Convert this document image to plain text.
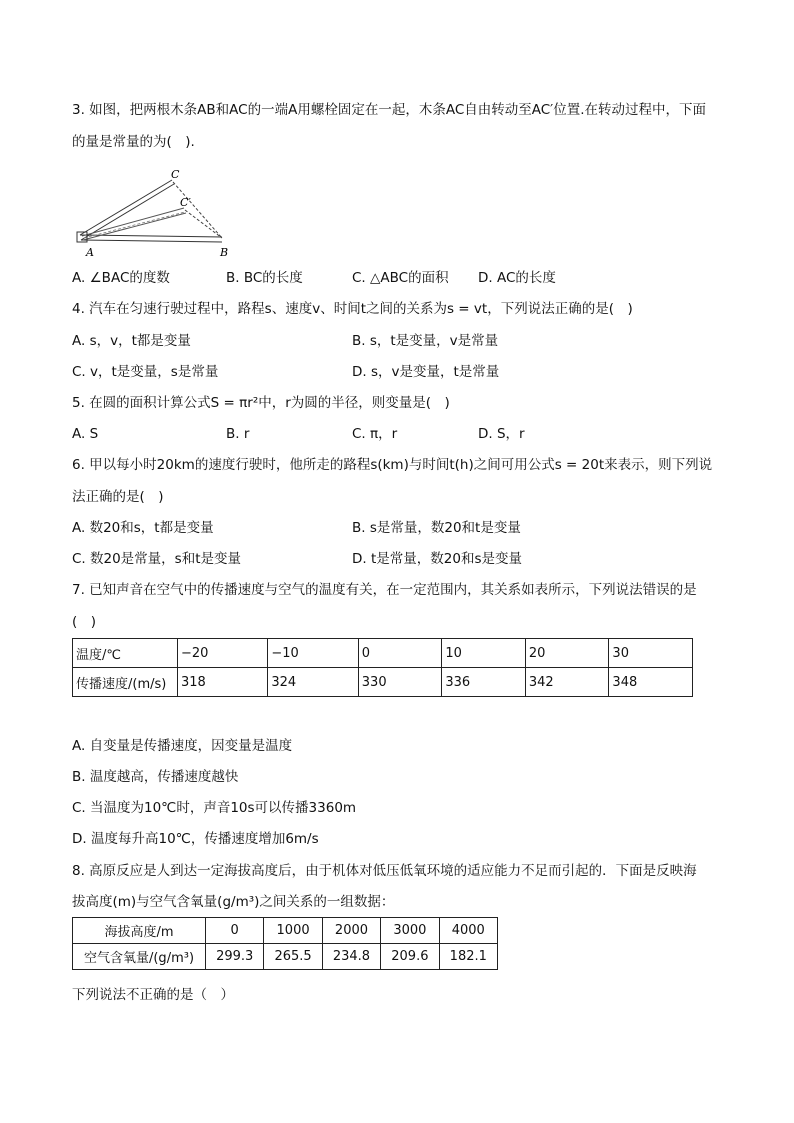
3. 如图，把两根木条AB和AC的一端A用螺栓固定在一起，木条AC自由转动至AC′位置.在转动过程中，下面
的量是常量的为(　).
C
C′
A	B
A. ∠BAC的度数	B. BC的长度	C. △ABC的面积 D. AC的长度
4. 汽车在匀速行驶过程中，路程s、速度v、时间t之间的关系为s = vt，下列说法正确的是(　)
A. s，v，t都是变量	B. s，t是变量，v是常量
C. v，t是变量，s是常量	D. s，v是变量，t是常量
5. 在圆的面积计算公式S = πr²中，r为圆的半径，则变量是(　)
A. S	B. r	C. π，r	D. S，r
6. 甲以每小时20km的速度行驶时，他所走的路程s(km)与时间t(h)之间可用公式s = 20t来表示，则下列说
法正确的是(　)
A. 数20和s，t都是变量	B. s是常量，数20和t是变量
C. 数20是常量，s和t是变量	D. t是常量，数20和s是变量
7. 已知声音在空气中的传播速度与空气的温度有关，在一定范围内，其关系如表所示，下列说法错误的是
(　)
温度/℃	−20	−10	0	10	20	30
传播速度/(m/s)	318	324	330	336	342	348
A. 自变量是传播速度，因变量是温度
B. 温度越高，传播速度越快
C. 当温度为10℃时，声音10s可以传播3360m
D. 温度每升高10℃，传播速度增加6m/s
8. 高原反应是人到达一定海拔高度后，由于机体对低压低氧环境的适应能力不足而引起的．下面是反映海
拔高度(m)与空气含氧量(g/m³)之间关系的一组数据：
海拔高度/m	0	1000	2000	3000	4000
空气含氧量/(g/m³)	299.3	265.5	234.8	209.6	182.1
下列说法不正确的是（　）
